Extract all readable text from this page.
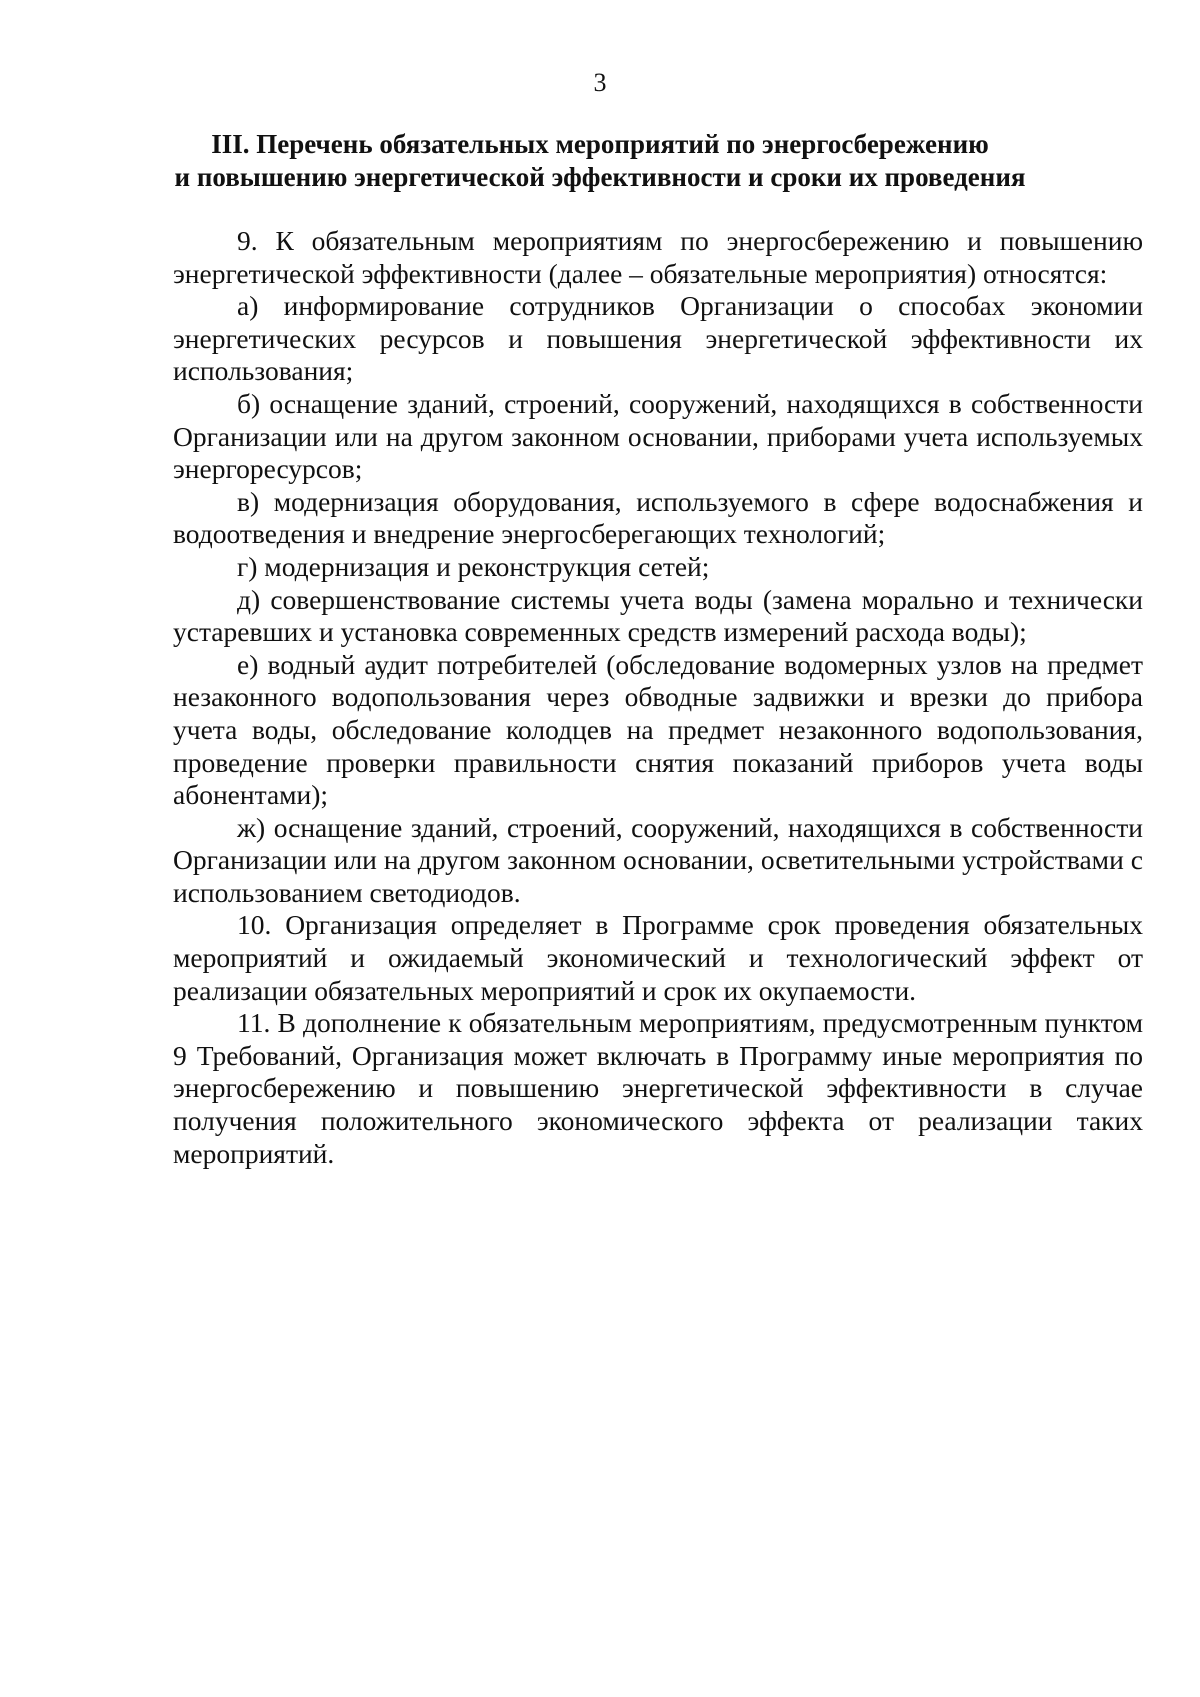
3
III. Перечень обязательных мероприятий по энергосбережению
и повышению энергетической эффективности и сроки их проведения

9. К обязательным мероприятиям по энергосбережению и повышению энергетической эффективности (далее – обязательные мероприятия) относятся:

а) информирование сотрудников Организации о способах экономии энергетических ресурсов и повышения энергетической эффективности их использования;

б) оснащение зданий, строений, сооружений, находящихся в собственности Организации или на другом законном основании, приборами учета используемых энергоресурсов;

в) модернизация оборудования, используемого в сфере водоснабжения и водоотведения и внедрение энергосберегающих технологий;

г) модернизация и реконструкция сетей;

д) совершенствование системы учета воды (замена морально и технически устаревших и установка современных средств измерений расхода воды);

е) водный аудит потребителей (обследование водомерных узлов на предмет незаконного водопользования через обводные задвижки и врезки до прибора учета воды, обследование колодцев на предмет незаконного водопользования, проведение проверки правильности снятия показаний приборов учета воды абонентами);

ж) оснащение зданий, строений, сооружений, находящихся в собственности Организации или на другом законном основании, осветительными устройствами с использованием светодиодов.

10. Организация определяет в Программе срок проведения обязательных мероприятий и ожидаемый экономический и технологический эффект от реализации обязательных мероприятий и срок их окупаемости.

11. В дополнение к обязательным мероприятиям, предусмотренным пунктом 9 Требований, Организация может включать в Программу иные мероприятия по энергосбережению и повышению энергетической эффективности в случае получения положительного экономического эффекта от реализации таких мероприятий.
